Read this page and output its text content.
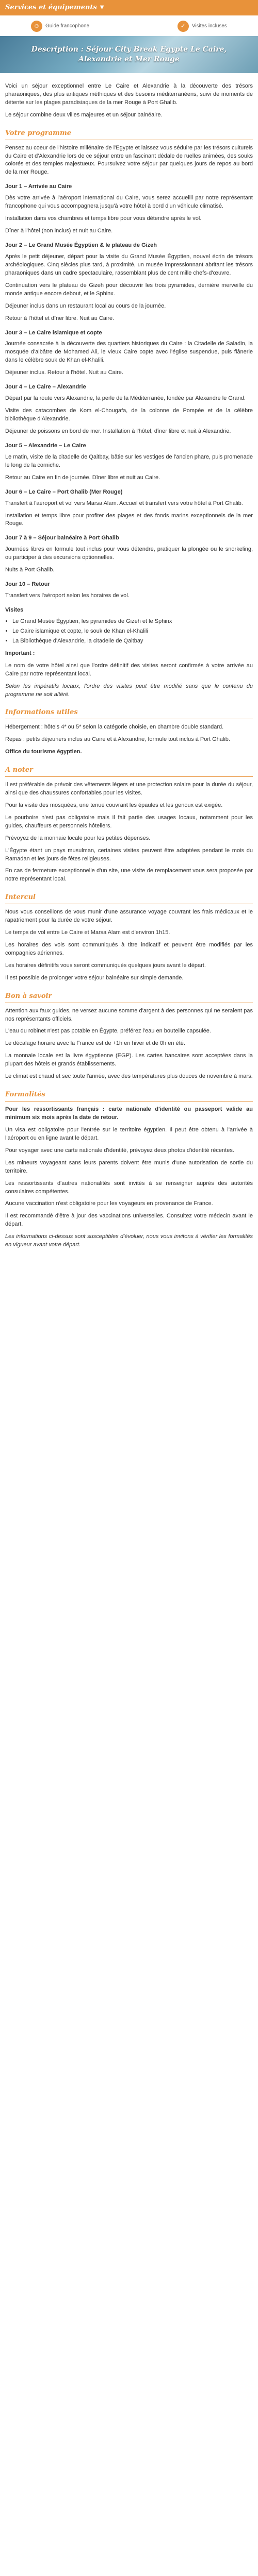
Services et équipements ▼
☺	Guide francophone	✓	Visites incluses
Description : Séjour City Break Egypte Le Caire, Alexandrie et Mer Rouge

Voici un séjour exceptionnel entre Le Caire et Alexandrie à la découverte des trésors pharaoniques, des plus antiques méthiques et des besoins méditerranéens, suivi de moments de détente sur les plages paradisiaques de la mer Rouge à Port Ghalib.

Le séjour combine deux villes majeures et un séjour balnéaire.

Votre programme

Pensez au coeur de l'histoire millénaire de l'Egypte et laissez vous séduire par les trésors culturels du Caire et d'Alexandrie lors de ce séjour entre un fascinant dédale de ruelles animées, des souks colorés et des temples majestueux. Poursuivez votre séjour par quelques jours de repos au bord de la mer Rouge.

Jour 1 – Arrivée au Caire

Dès votre arrivée à l'aéroport international du Caire, vous serez accueilli par notre représentant francophone qui vous accompagnera jusqu'à votre hôtel à bord d'un véhicule climatisé.

Installation dans vos chambres et temps libre pour vous détendre après le vol.

Dîner à l'hôtel (non inclus) et nuit au Caire.

Jour 2 – Le Grand Musée Égyptien & le plateau de Gizeh

Après le petit déjeuner, départ pour la visite du Grand Musée Égyptien, nouvel écrin de trésors archéologiques. Cinq siècles plus tard, à proximité, un musée impressionnant abritant les trésors pharaoniques dans un cadre spectaculaire, rassemblant plus de cent mille chefs-d'œuvre.

Continuation vers le plateau de Gizeh pour découvrir les trois pyramides, dernière merveille du monde antique encore debout, et le Sphinx.

Déjeuner inclus dans un restaurant local au cours de la journée.

Retour à l'hôtel et dîner libre. Nuit au Caire.

Jour 3 – Le Caire islamique et copte

Journée consacrée à la découverte des quartiers historiques du Caire : la Citadelle de Saladin, la mosquée d'albâtre de Mohamed Ali, le vieux Caire copte avec l'église suspendue, puis flânerie dans le célèbre souk de Khan el-Khalili.

Déjeuner inclus. Retour à l'hôtel. Nuit au Caire.

Jour 4 – Le Caire – Alexandrie

Départ par la route vers Alexandrie, la perle de la Méditerranée, fondée par Alexandre le Grand.

Visite des catacombes de Kom el-Chougafa, de la colonne de Pompée et de la célèbre bibliothèque d'Alexandrie.

Déjeuner de poissons en bord de mer. Installation à l'hôtel, dîner libre et nuit à Alexandrie.

Jour 5 – Alexandrie – Le Caire

Le matin, visite de la citadelle de Qaitbay, bâtie sur les vestiges de l'ancien phare, puis promenade le long de la corniche.

Retour au Caire en fin de journée. Dîner libre et nuit au Caire.

Jour 6 – Le Caire – Port Ghalib (Mer Rouge)

Transfert à l'aéroport et vol vers Marsa Alam. Accueil et transfert vers votre hôtel à Port Ghalib.

Installation et temps libre pour profiter des plages et des fonds marins exceptionnels de la mer Rouge.

Jour 7 à 9 – Séjour balnéaire à Port Ghalib

Journées libres en formule tout inclus pour vous détendre, pratiquer la plongée ou le snorkeling, ou participer à des excursions optionnelles.

Nuits à Port Ghalib.

Jour 10 – Retour

Transfert vers l'aéroport selon les horaires de vol.

Visites
• Le Grand Musée Égyptien, les pyramides de Gizeh et le Sphinx
• Le Caire islamique et copte, le souk de Khan el-Khalili
• La Bibliothèque d'Alexandrie, la citadelle de Qaitbay

Important :

Le nom de votre hôtel ainsi que l'ordre définitif des visites seront confirmés à votre arrivée au Caire par notre représentant local.

Selon les impératifs locaux, l'ordre des visites peut être modifié sans que le contenu du programme ne soit altéré.

Informations utiles

Hébergement : hôtels 4* ou 5* selon la catégorie choisie, en chambre double standard.

Repas : petits déjeuners inclus au Caire et à Alexandrie, formule tout inclus à Port Ghalib.

Office du tourisme égyptien.

A noter

Il est préférable de prévoir des vêtements légers et une protection solaire pour la durée du séjour, ainsi que des chaussures confortables pour les visites.

Pour la visite des mosquées, une tenue couvrant les épaules et les genoux est exigée.

Le pourboire n'est pas obligatoire mais il fait partie des usages locaux, notamment pour les guides, chauffeurs et personnels hôteliers.

Prévoyez de la monnaie locale pour les petites dépenses.

L'Égypte étant un pays musulman, certaines visites peuvent être adaptées pendant le mois du Ramadan et les jours de fêtes religieuses.

En cas de fermeture exceptionnelle d'un site, une visite de remplacement vous sera proposée par notre représentant local.

Intercul

Nous vous conseillons de vous munir d'une assurance voyage couvrant les frais médicaux et le rapatriement pour la durée de votre séjour.

Le temps de vol entre Le Caire et Marsa Alam est d'environ 1h15.

Les horaires des vols sont communiqués à titre indicatif et peuvent être modifiés par les compagnies aériennes.

Les horaires définitifs vous seront communiqués quelques jours avant le départ.

Il est possible de prolonger votre séjour balnéaire sur simple demande.

Bon à savoir

Attention aux faux guides, ne versez aucune somme d'argent à des personnes qui ne seraient pas nos représentants officiels.

L'eau du robinet n'est pas potable en Égypte, préférez l'eau en bouteille capsulée.

Le décalage horaire avec la France est de +1h en hiver et de 0h en été.

La monnaie locale est la livre égyptienne (EGP). Les cartes bancaires sont acceptées dans la plupart des hôtels et grands établissements.

Le climat est chaud et sec toute l'année, avec des températures plus douces de novembre à mars.

Formalités

Pour les ressortissants français : carte nationale d'identité ou passeport valide au minimum six mois après la date de retour.

Un visa est obligatoire pour l'entrée sur le territoire égyptien. Il peut être obtenu à l'arrivée à l'aéroport ou en ligne avant le départ.

Pour voyager avec une carte nationale d'identité, prévoyez deux photos d'identité récentes.

Les mineurs voyageant sans leurs parents doivent être munis d'une autorisation de sortie du territoire.

Les ressortissants d'autres nationalités sont invités à se renseigner auprès des autorités consulaires compétentes.

Aucune vaccination n'est obligatoire pour les voyageurs en provenance de France.

Il est recommandé d'être à jour des vaccinations universelles. Consultez votre médecin avant le départ.

Les informations ci-dessus sont susceptibles d'évoluer, nous vous invitons à vérifier les formalités en vigueur avant votre départ.
